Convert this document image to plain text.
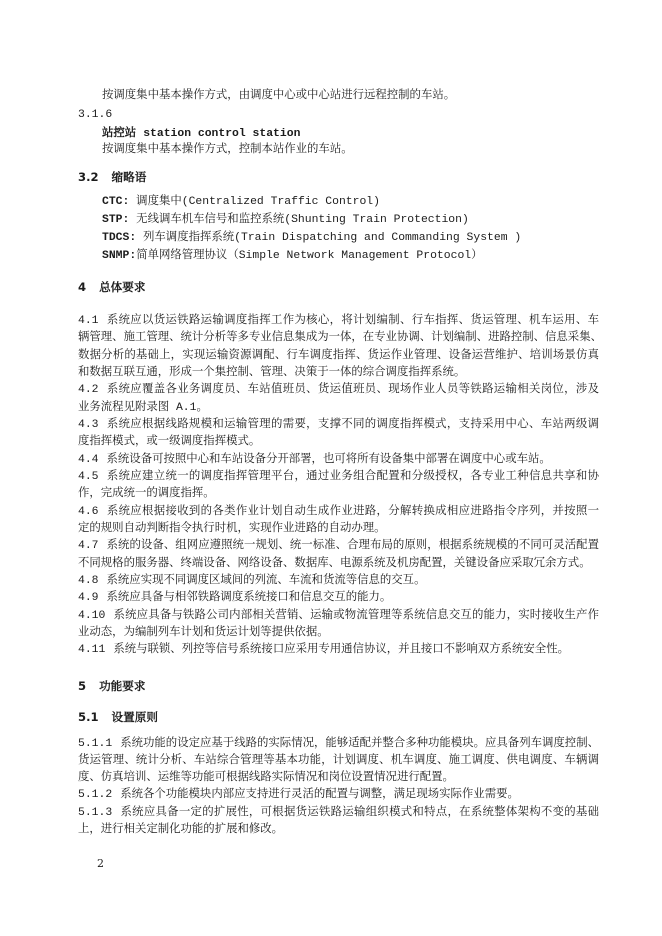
按调度集中基本操作方式，由调度中心或中心站进行远程控制的车站。
3.1.6
站控站 station control station
按调度集中基本操作方式，控制本站作业的车站。
3.2 缩略语
CTC: 调度集中(Centralized Traffic Control)
STP: 无线调车机车信号和监控系统(Shunting Train Protection)
TDCS: 列车调度指挥系统(Train Dispatching and Commanding System )
SNMP:简单网络管理协议（Simple Network Management Protocol）
4 总体要求
4.1 系统应以货运铁路运输调度指挥工作为核心，将计划编制、行车指挥、货运管理、机车运用、车
辆管理、施工管理、统计分析等多专业信息集成为一体，在专业协调、计划编制、进路控制、信息采集、
数据分析的基础上，实现运输资源调配、行车调度指挥、货运作业管理、设备运营维护、培训场景仿真
和数据互联互通，形成一个集控制、管理、决策于一体的综合调度指挥系统。
4.2 系统应覆盖各业务调度员、车站值班员、货运值班员、现场作业人员等铁路运输相关岗位，涉及
业务流程见附录图 A.1。
4.3 系统应根据线路规模和运输管理的需要，支撑不同的调度指挥模式，支持采用中心、车站两级调
度指挥模式，或一级调度指挥模式。
4.4 系统设备可按照中心和车站设备分开部署，也可将所有设备集中部署在调度中心或车站。
4.5 系统应建立统一的调度指挥管理平台，通过业务组合配置和分级授权，各专业工种信息共享和协
作，完成统一的调度指挥。
4.6 系统应根据接收到的各类作业计划自动生成作业进路，分解转换成相应进路指令序列，并按照一
定的规则自动判断指令执行时机，实现作业进路的自动办理。
4.7 系统的设备、组网应遵照统一规划、统一标准、合理布局的原则，根据系统规模的不同可灵活配置
不同规格的服务器、终端设备、网络设备、数据库、电源系统及机房配置，关键设备应采取冗余方式。
4.8 系统应实现不同调度区域间的列流、车流和货流等信息的交互。
4.9 系统应具备与相邻铁路调度系统接口和信息交互的能力。
4.10 系统应具备与铁路公司内部相关营销、运输或物流管理等系统信息交互的能力，实时接收生产作
业动态，为编制列车计划和货运计划等提供依据。
4.11 系统与联锁、列控等信号系统接口应采用专用通信协议，并且接口不影响双方系统安全性。
5 功能要求
5.1 设置原则
5.1.1 系统功能的设定应基于线路的实际情况，能够适配并整合多种功能模块。应具备列车调度控制、
货运管理、统计分析、车站综合管理等基本功能，计划调度、机车调度、施工调度、供电调度、车辆调
度、仿真培训、运维等功能可根据线路实际情况和岗位设置情况进行配置。
5.1.2 系统各个功能模块内部应支持进行灵活的配置与调整，满足现场实际作业需要。
5.1.3 系统应具备一定的扩展性，可根据货运铁路运输组织模式和特点，在系统整体架构不变的基础
上，进行相关定制化功能的扩展和修改。
2
